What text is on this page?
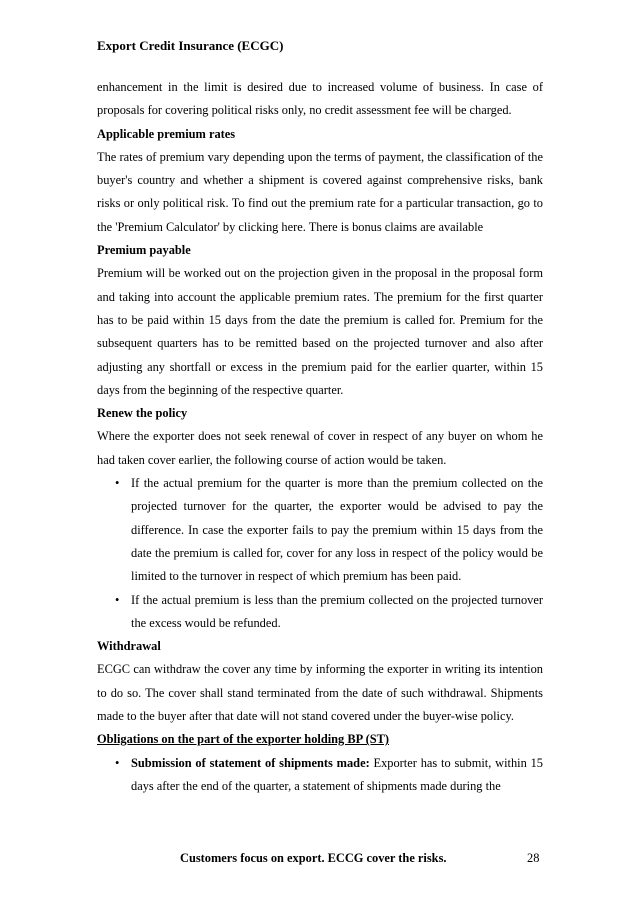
Export Credit Insurance (ECGC)

enhancement in the limit is desired due to increased volume of business. In case of proposals for covering political risks only, no credit assessment fee will be charged.

Applicable premium rates

The rates of premium vary depending upon the terms of payment, the classification of the buyer's country and whether a shipment is covered against comprehensive risks, bank risks or only political risk. To find out the premium rate for a particular transaction, go to the 'Premium Calculator' by clicking here. There is bonus claims are available

Premium payable

Premium will be worked out on the projection given in the proposal in the proposal form and taking into account the applicable premium rates. The premium for the first quarter has to be paid within 15 days from the date the premium is called for. Premium for the subsequent quarters has to be remitted based on the projected turnover and also after adjusting any shortfall or excess in the premium paid for the earlier quarter, within 15 days from the beginning of the respective quarter.

Renew the policy

Where the exporter does not seek renewal of cover in respect of any buyer on whom he had taken cover earlier, the following course of action would be taken.

• If the actual premium for the quarter is more than the premium collected on the projected turnover for the quarter, the exporter would be advised to pay the difference. In case the exporter fails to pay the premium within 15 days from the date the premium is called for, cover for any loss in respect of the policy would be limited to the turnover in respect of which premium has been paid.
• If the actual premium is less than the premium collected on the projected turnover the excess would be refunded.

Withdrawal

ECGC can withdraw the cover any time by informing the exporter in writing its intention to do so. The cover shall stand terminated from the date of such withdrawal. Shipments made to the buyer after that date will not stand covered under the buyer-wise policy.

Obligations on the part of the exporter holding BP (ST)

• Submission of statement of shipments made: Exporter has to submit, within 15 days after the end of the quarter, a statement of shipments made during the
Customers focus on export. ECCG cover the risks.	28
